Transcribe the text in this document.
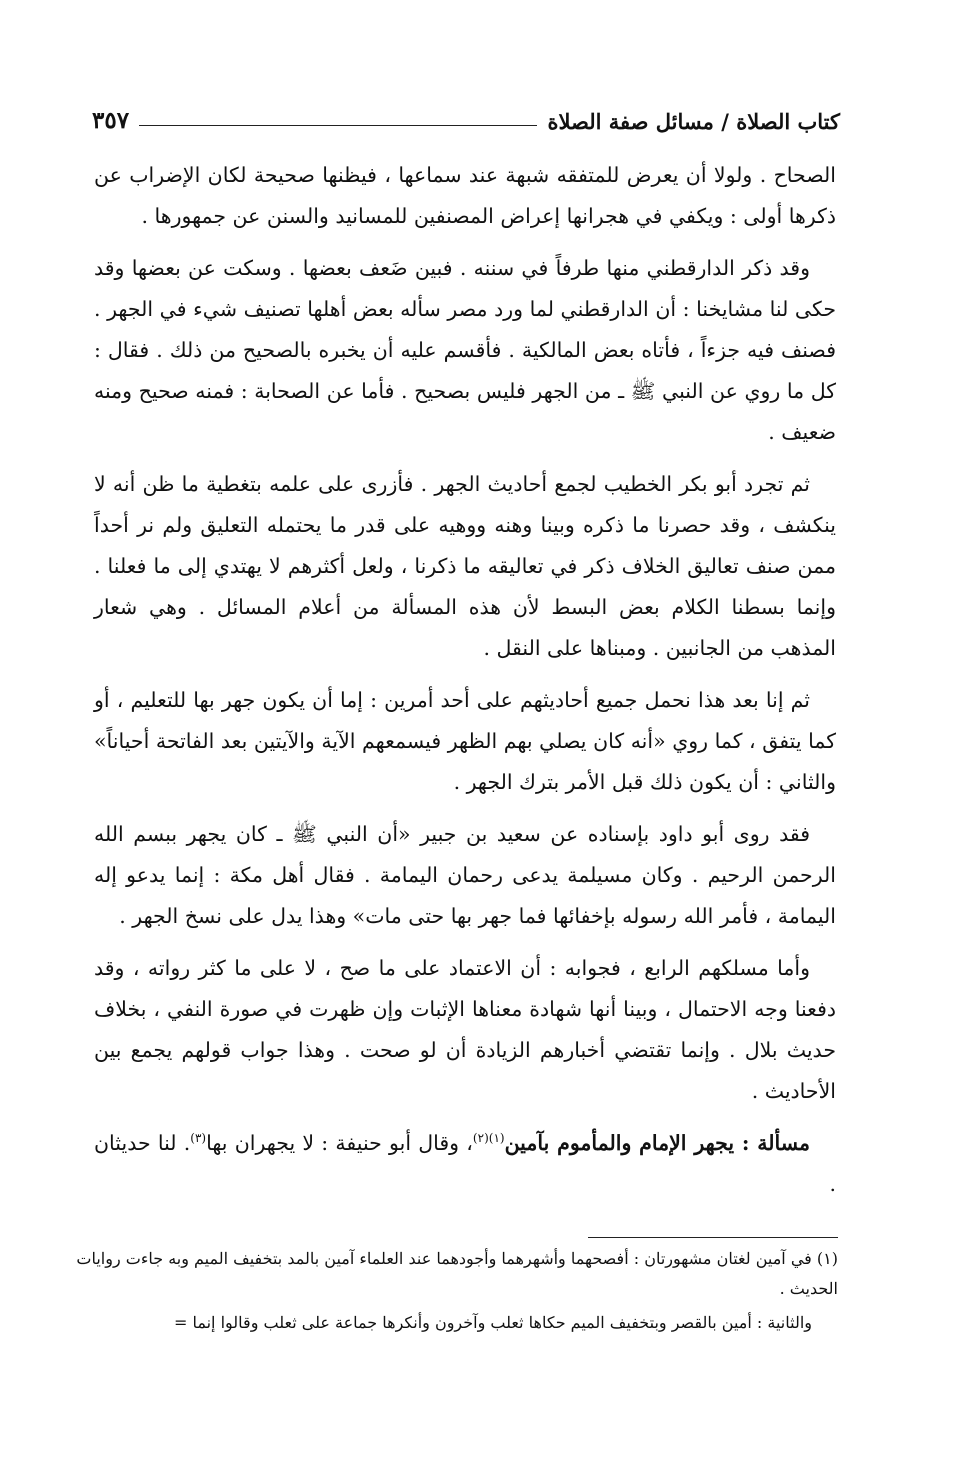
كتاب الصلاة / مسائل صفة الصلاة
٣٥٧

الصحاح . ولولا أن يعرض للمتفقه شبهة عند سماعها ، فيظنها صحيحة لكان الإضراب عن ذكرها أولى : ويكفي في هجرانها إعراض المصنفين للمسانيد والسنن عن جمهورها .

وقد ذكر الدارقطني منها طرفاً في سننه . فبين ضَعف بعضها . وسكت عن بعضها وقد حكى لنا مشايخنا : أن الدارقطني لما ورد مصر سأله بعض أهلها تصنيف شيء في الجهر . فصنف فيه جزءاً ، فأتاه بعض المالكية . فأقسم عليه أن يخبره بالصحيح من ذلك . فقال : كل ما روي عن النبي ﷺ ـ من الجهر فليس بصحيح . فأما عن الصحابة : فمنه صحيح ومنه ضعيف .

ثم تجرد أبو بكر الخطيب لجمع أحاديث الجهر . فأزرى على علمه بتغطية ما ظن أنه لا ينكشف ، وقد حصرنا ما ذكره وبينا وهنه ووهيه على قدر ما يحتمله التعليق ولم نر أحداً ممن صنف تعاليق الخلاف ذكر في تعاليقه ما ذكرنا ، ولعل أكثرهم لا يهتدي إلى ما فعلنا . وإنما بسطنا الكلام بعض البسط لأن هذه المسألة من أعلام المسائل . وهي شعار المذهب من الجانبين . ومبناها على النقل .

ثم إنا بعد هذا نحمل جميع أحاديثهم على أحد أمرين : إما أن يكون جهر بها للتعليم ، أو كما يتفق ، كما روي «أنه كان يصلي بهم الظهر فيسمعهم الآية والآيتين بعد الفاتحة أحياناً» والثاني : أن يكون ذلك قبل الأمر بترك الجهر .

فقد روى أبو داود بإسناده عن سعيد بن جبير «أن النبي ﷺ ـ كان يجهر ببسم الله الرحمن الرحيم . وكان مسيلمة يدعى رحمان اليمامة . فقال أهل مكة : إنما يدعو إله اليمامة ، فأمر الله رسوله بإخفائها فما جهر بها حتى مات» وهذا يدل على نسخ الجهر .

وأما مسلكهم الرابع ، فجوابه : أن الاعتماد على ما صح ، لا على ما كثر رواته ، وقد دفعنا وجه الاحتمال ، وبينا أنها شهادة معناها الإثبات وإن ظهرت في صورة النفي ، بخلاف حديث بلال . وإنما تقتضي أخبارهم الزيادة أن لو صحت . وهذا جواب قولهم يجمع بين الأحاديث .

مسألة : يجهر الإمام والمأموم بآمين$^{(١)(٢)}$، وقال أبو حنيفة : لا يجهران بها$^{(٣)}$. لنا حديثان .

(١) في آمين لغتان مشهورتان : أفصحهما وأشهرهما وأجودهما عند العلماء آمين بالمد بتخفيف الميم وبه جاءت روايات الحديث .

والثانية : أمين بالقصر وبتخفيف الميم حكاها ثعلب وآخرون وأنكرها جماعة على ثعلب وقالوا إنما =
